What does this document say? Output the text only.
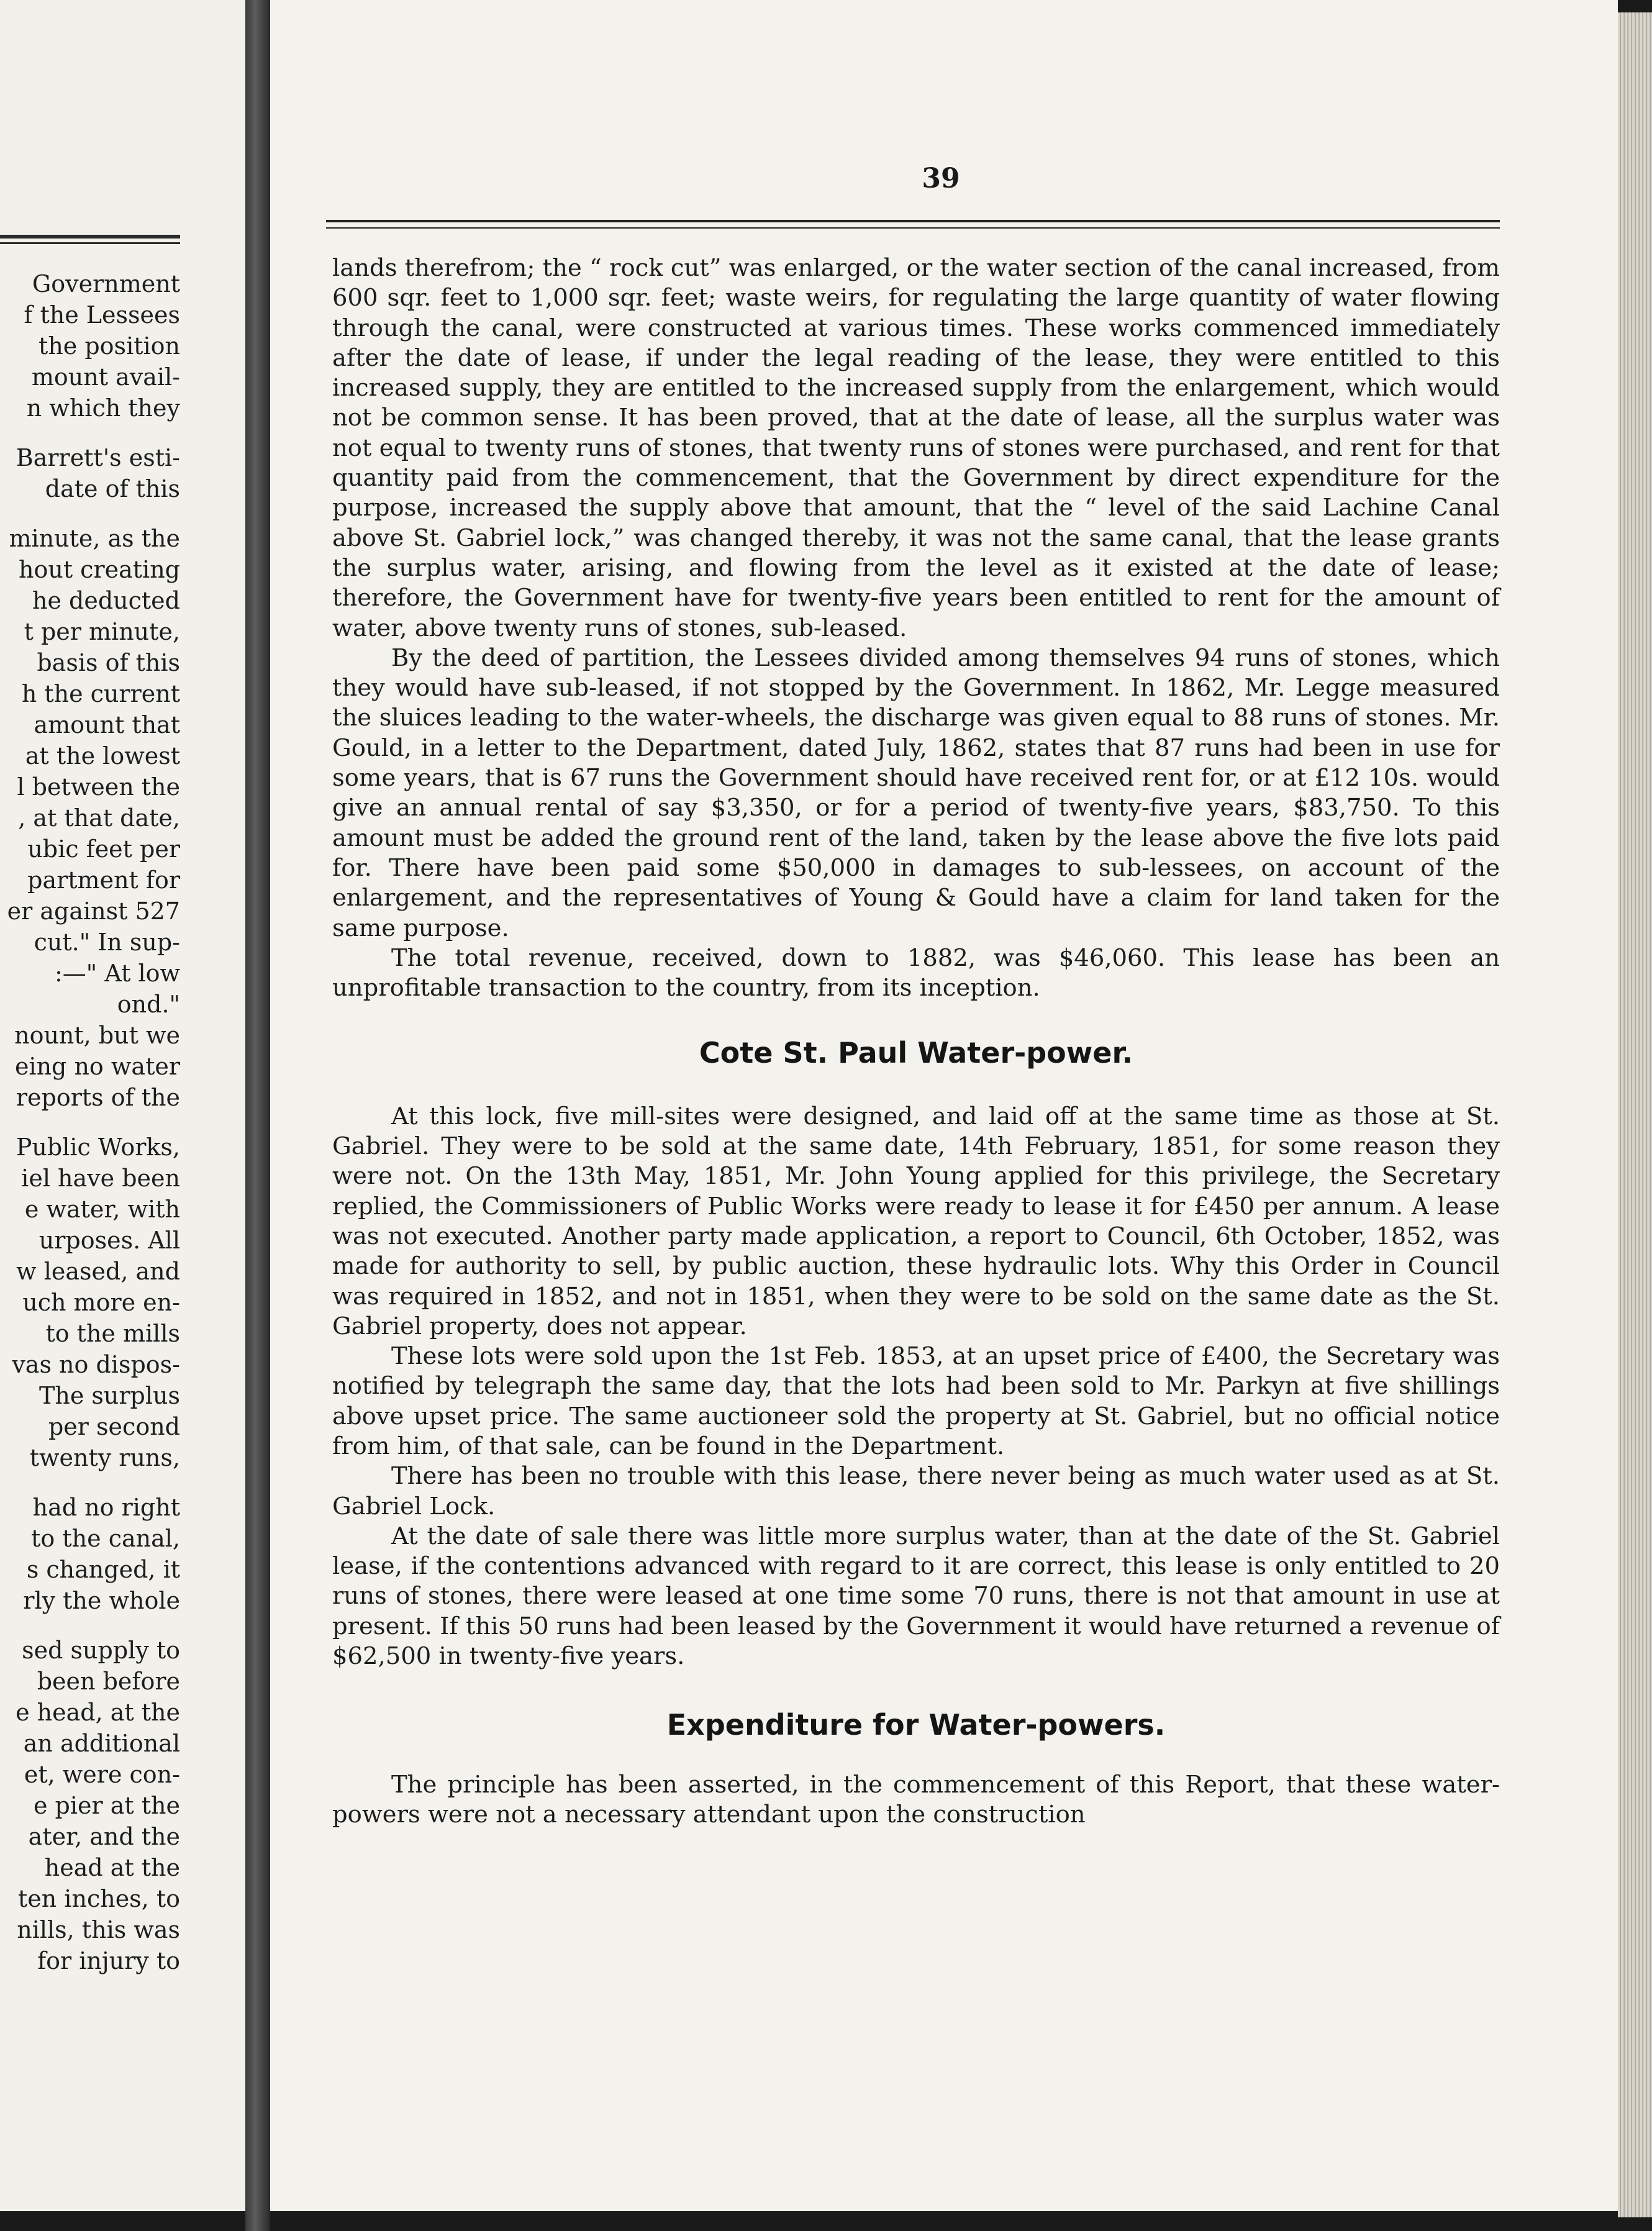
Government
f the Lessees
the position
mount avail-
n which they
Barrett's esti-
date of this
minute, as the
hout creating
he deducted
t per minute,
basis of this
h the current
amount that
at the lowest
l between the
, at that date,
ubic feet per
partment for
er against 527
cut." In sup-
:—" At low
ond."
nount, but we
eing no water
reports of the
Public Works,
iel have been
e water, with
urposes. All
w leased, and
uch more en-
to the mills
vas no dispos-
The surplus
per second
twenty runs,
had no right
to the canal,
s changed, it
rly the whole
sed supply to
been before
e head, at the
an additional
et, were con-
e pier at the
ater, and the
head at the
ten inches, to
nills, this was
for injury to
39

lands therefrom; the “ rock cut” was enlarged, or the water section of the canal increased, from 600 sqr. feet to 1,000 sqr. feet; waste weirs, for regulating the large quantity of water flowing through the canal, were constructed at various times. These works commenced immediately after the date of lease, if under the legal reading of the lease, they were entitled to this increased supply, they are entitled to the increased supply from the enlargement, which would not be common sense. It has been proved, that at the date of lease, all the surplus water was not equal to twenty runs of stones, that twenty runs of stones were purchased, and rent for that quantity paid from the commencement, that the Government by direct expenditure for the purpose, increased the supply above that amount, that the “ level of the said Lachine Canal above St. Gabriel lock,” was changed thereby, it was not the same canal, that the lease grants the surplus water, arising, and flowing from the level as it existed at the date of lease; therefore, the Government have for twenty-five years been entitled to rent for the amount of water, above twenty runs of stones, sub-leased.

By the deed of partition, the Lessees divided among themselves 94 runs of stones, which they would have sub-leased, if not stopped by the Government. In 1862, Mr. Legge measured the sluices leading to the water-wheels, the discharge was given equal to 88 runs of stones. Mr. Gould, in a letter to the Department, dated July, 1862, states that 87 runs had been in use for some years, that is 67 runs the Government should have received rent for, or at £12 10s. would give an annual rental of say $3,350, or for a period of twenty-five years, $83,750. To this amount must be added the ground rent of the land, taken by the lease above the five lots paid for. There have been paid some $50,000 in damages to sub-lessees, on account of the enlargement, and the representatives of Young & Gould have a claim for land taken for the same purpose.

The total revenue, received, down to 1882, was $46,060. This lease has been an unprofitable transaction to the country, from its inception.

Cote St. Paul Water-power.

At this lock, five mill-sites were designed, and laid off at the same time as those at St. Gabriel. They were to be sold at the same date, 14th February, 1851, for some reason they were not. On the 13th May, 1851, Mr. John Young applied for this privilege, the Secretary replied, the Commissioners of Public Works were ready to lease it for £450 per annum. A lease was not executed. Another party made application, a report to Council, 6th October, 1852, was made for authority to sell, by public auction, these hydraulic lots. Why this Order in Council was required in 1852, and not in 1851, when they were to be sold on the same date as the St. Gabriel property, does not appear.

These lots were sold upon the 1st Feb. 1853, at an upset price of £400, the Secretary was notified by telegraph the same day, that the lots had been sold to Mr. Parkyn at five shillings above upset price. The same auctioneer sold the property at St. Gabriel, but no official notice from him, of that sale, can be found in the Department.

There has been no trouble with this lease, there never being as much water used as at St. Gabriel Lock.

At the date of sale there was little more surplus water, than at the date of the St. Gabriel lease, if the contentions advanced with regard to it are correct, this lease is only entitled to 20 runs of stones, there were leased at one time some 70 runs, there is not that amount in use at present. If this 50 runs had been leased by the Government it would have returned a revenue of $62,500 in twenty-five years.

Expenditure for Water-powers.

The principle has been asserted, in the commencement of this Report, that these water-powers were not a necessary attendant upon the construction
